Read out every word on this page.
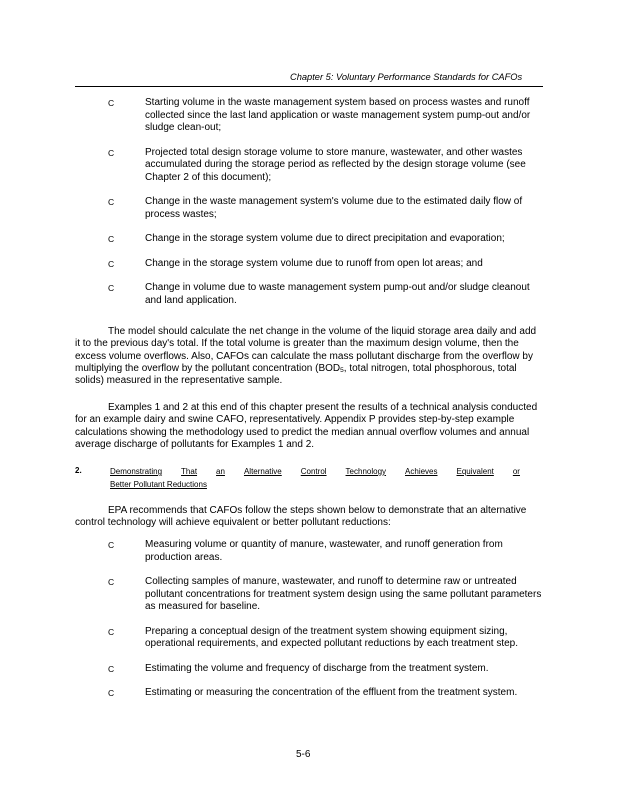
Chapter 5: Voluntary Performance Standards for CAFOs

C	Starting volume in the waste management system based on process wastes and runoff collected since the last land application or waste management system pump-out and/or sludge clean-out;

C	Projected total design storage volume to store manure, wastewater, and other wastes accumulated during the storage period as reflected by the design storage volume (see Chapter 2 of this document);

C	Change in the waste management system's volume due to the estimated daily flow of process wastes;

C	Change in the storage system volume due to direct precipitation and evaporation;

C	Change in the storage system volume due to runoff from open lot areas; and

C	Change in volume due to waste management system pump-out and/or sludge cleanout and land application.

The model should calculate the net change in the volume of the liquid storage area daily and add it to the previous day's total. If the total volume is greater than the maximum design volume, then the excess volume overflows. Also, CAFOs can calculate the mass pollutant discharge from the overflow by multiplying the overflow by the pollutant concentration ($BOD_5$, total nitrogen, total phosphorous, total solids) measured in the representative sample.

Examples 1 and 2 at this end of this chapter present the results of a technical analysis conducted for an example dairy and swine CAFO, representatively. Appendix P provides step-by-step example calculations showing the methodology used to predict the median annual overflow volumes and annual average discharge of pollutants for Examples 1 and 2.

2.	Demonstrating That an Alternative Control Technology Achieves Equivalent or
Better Pollutant Reductions

EPA recommends that CAFOs follow the steps shown below to demonstrate that an alternative control technology will achieve equivalent or better pollutant reductions:

C	Measuring volume or quantity of manure, wastewater, and runoff generation from production areas.

C	Collecting samples of manure, wastewater, and runoff to determine raw or untreated pollutant concentrations for treatment system design using the same pollutant parameters as measured for baseline.

C	Preparing a conceptual design of the treatment system showing equipment sizing, operational requirements, and expected pollutant reductions by each treatment step.

C	Estimating the volume and frequency of discharge from the treatment system.

C	Estimating or measuring the concentration of the effluent from the treatment system.

5-6
